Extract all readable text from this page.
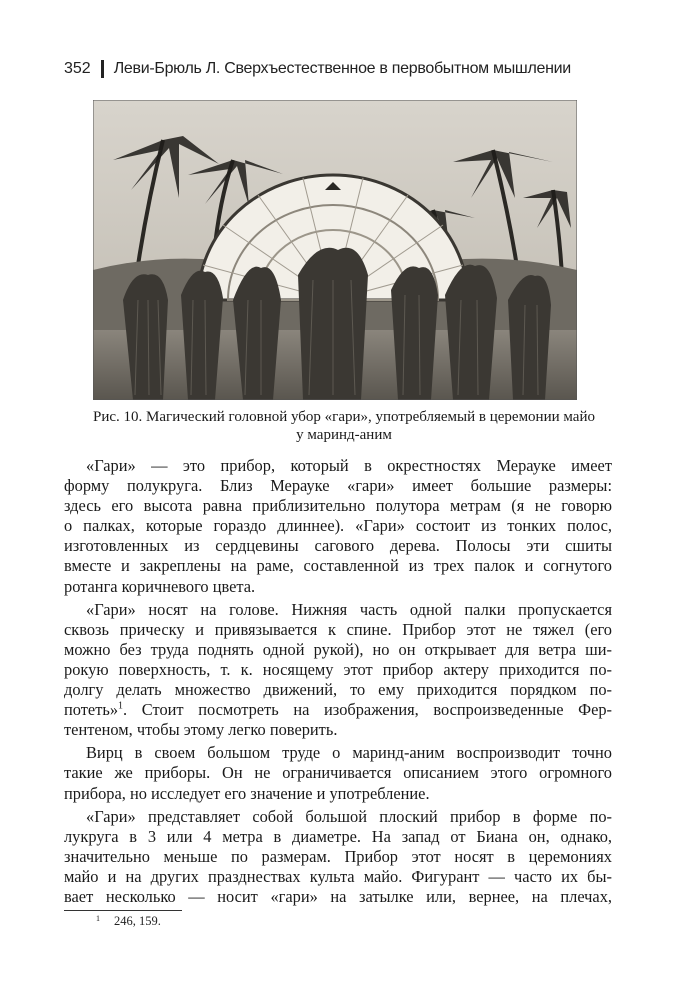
352 Леви-Брюль Л. Сверхъестественное в первобытном мышлении
Рис. 10. Магический головной убор «гари», употребляемый в церемонии майо
у маринд-аним
«Гари» — это прибор, который в окрестностях Мерауке имеет
форму полукруга. Близ Мерауке «гари» имеет большие размеры:
здесь его высота равна приблизительно полутора метрам (я не говорю
о палках, которые гораздо длиннее). «Гари» состоит из тонких полос,
изготовленных из сердцевины сагового дерева. Полосы эти сшиты
вместе и закреплены на раме, составленной из трех палок и согнутого
ротанга коричневого цвета.
«Гари» носят на голове. Нижняя часть одной палки пропускается
сквозь прическу и привязывается к спине. Прибор этот не тяжел (его
можно без труда поднять одной рукой), но он открывает для ветра ши-
рокую поверхность, т. к. носящему этот прибор актеру приходится по-
долгу делать множество движений, то ему приходится порядком по-
потеть»$^1$. Стоит посмотреть на изображения, воспроизведенные Фер-
тентеном, чтобы этому легко поверить.
Вирц в своем большом труде о маринд-аним воспроизводит точно
такие же приборы. Он не ограничивается описанием этого огромного
прибора, но исследует его значение и употребление.
«Гари» представляет собой большой плоский прибор в форме по-
лукруга в 3 или 4 метра в диаметре. На запад от Биана он, однако,
значительно меньше по размерам. Прибор этот носят в церемониях
майо и на других празднествах культа майо. Фигурант — часто их бы-
вает несколько — носит «гари» на затылке или, вернее, на плечах,
$^1$ 246, 159.
